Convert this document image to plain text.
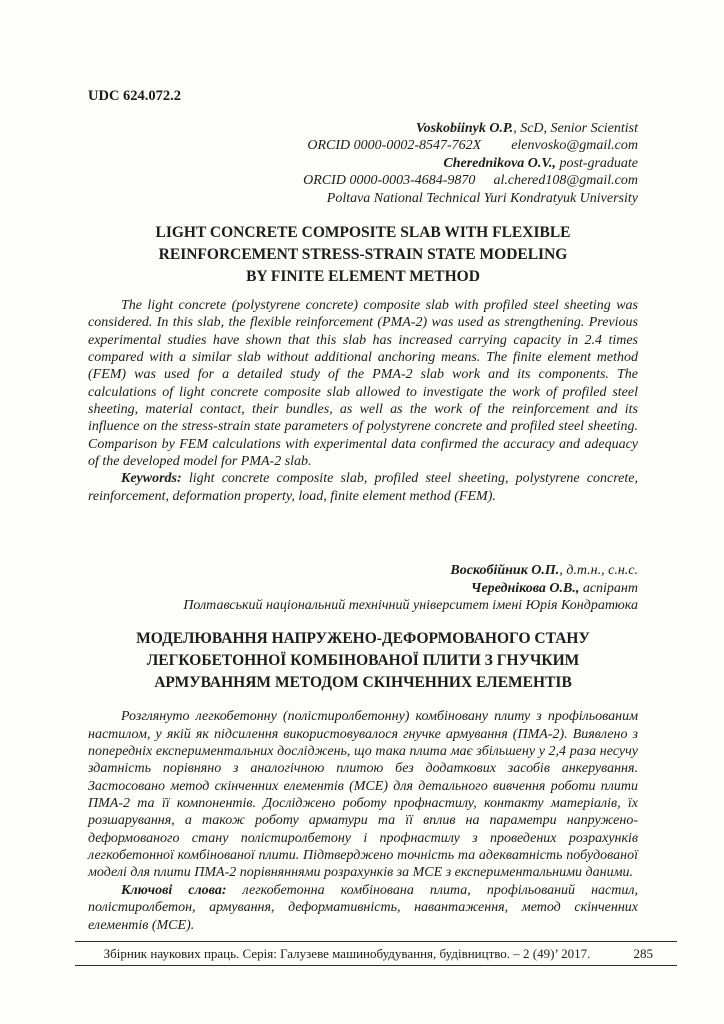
UDC 624.072.2
Voskobiinyk O.P., ScD, Senior Scientist
ORCID 0000-0002-8547-762X elenvosko@gmail.com
Cherednikova O.V., post-graduate
ORCID 0000-0003-4684-9870 al.chered108@gmail.com
Poltava National Technical Yuri Kondratyuk University
LIGHT CONCRETE COMPOSITE SLAB WITH FLEXIBLE
REINFORCEMENT STRESS-STRAIN STATE MODELING
BY FINITE ELEMENT METHOD

The light concrete (polystyrene concrete) composite slab with profiled steel sheeting was considered. In this slab, the flexible reinforcement (PMA-2) was used as strengthening. Previous experimental studies have shown that this slab has increased carrying capacity in 2.4 times compared with a similar slab without additional anchoring means. The finite element method (FEM) was used for a detailed study of the PMA-2 slab work and its components. The calculations of light concrete composite slab allowed to investigate the work of profiled steel sheeting, material contact, their bundles, as well as the work of the reinforcement and its influence on the stress-strain state parameters of polystyrene concrete and profiled steel sheeting. Comparison by FEM calculations with experimental data confirmed the accuracy and adequacy of the developed model for PMA-2 slab.

Keywords: light concrete composite slab, profiled steel sheeting, polystyrene concrete, reinforcement, deformation property, load, finite element method (FEM).

Воскобійник О.П., д.т.н., с.н.с.
Череднікова О.В., аспірант
Полтавський національний технічний університет імені Юрія Кондратюка
МОДЕЛЮВАННЯ НАПРУЖЕНО-ДЕФОРМОВАНОГО СТАНУ
ЛЕГКОБЕТОННОЇ КОМБІНОВАНОЇ ПЛИТИ З ГНУЧКИМ
АРМУВАННЯМ МЕТОДОМ СКІНЧЕННИХ ЕЛЕМЕНТІВ

Розглянуто легкобетонну (полістиролбетонну) комбіновану плиту з профільованим настилом, у якій як підсилення використовувалося гнучке армування (ПМА-2). Виявлено з попередніх експериментальних досліджень, що така плита має збільшену у 2,4 раза несучу здатність порівняно з аналогічною плитою без додаткових засобів анкерування. Застосовано метод скінченних елементів (МСЕ) для детального вивчення роботи плити ПМА-2 та її компонентів. Досліджено роботу профнастилу, контакту матеріалів, їх розшарування, а також роботу арматури та її вплив на параметри напружено-деформованого стану полістиролбетону і профнастилу з проведених розрахунків легкобетонної комбінованої плити. Підтверджено точність та адекватність побудованої моделі для плити ПМА-2 порівняннями розрахунків за МСЕ з експериментальними даними.

Ключові слова: легкобетонна комбінована плита, профільований настил, полістиролбетон, армування, деформативність, навантаження, метод скінченних елементів (МСЕ).

Збірник наукових праць. Серія: Галузеве машинобудування, будівництво. – 2 (49)’ 2017.	285
